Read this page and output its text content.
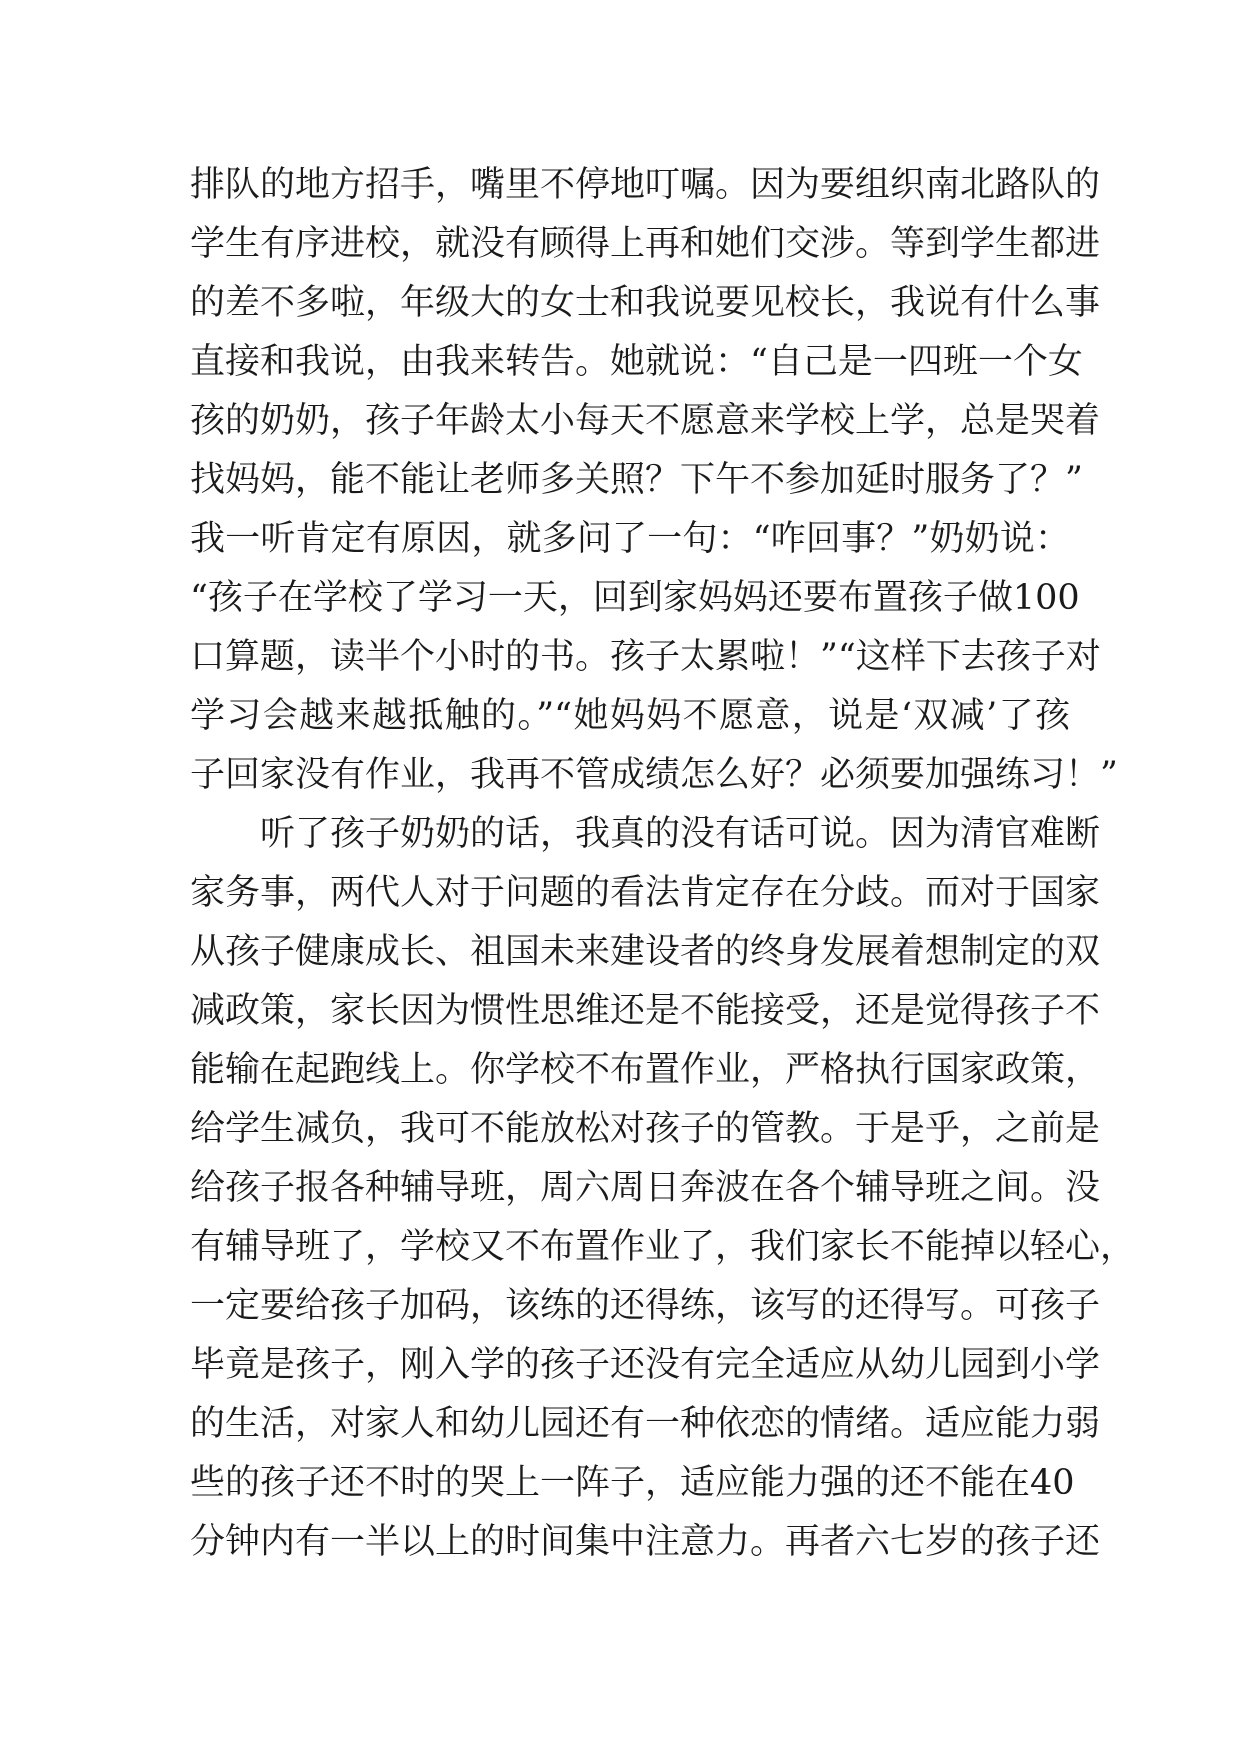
排队的地方招手，嘴里不停地叮嘱。因为要组织南北路队的
学生有序进校，就没有顾得上再和她们交涉。等到学生都进
的差不多啦，年级大的女士和我说要见校长，我说有什么事
直接和我说，由我来转告。她就说：“自己是一四班一个女
孩的奶奶，孩子年龄太小每天不愿意来学校上学，总是哭着
找妈妈，能不能让老师多关照？下午不参加延时服务了？”
我一听肯定有原因，就多问了一句：“咋回事？”奶奶说：
“孩子在学校了学习一天，回到家妈妈还要布置孩子做100
口算题，读半个小时的书。孩子太累啦！”“这样下去孩子对
学习会越来越抵触的。”“她妈妈不愿意，说是‘双减’了孩
子回家没有作业，我再不管成绩怎么好？必须要加强练习！”
听了孩子奶奶的话，我真的没有话可说。因为清官难断
家务事，两代人对于问题的看法肯定存在分歧。而对于国家
从孩子健康成长、祖国未来建设者的终身发展着想制定的双
减政策，家长因为惯性思维还是不能接受，还是觉得孩子不
能输在起跑线上。你学校不布置作业，严格执行国家政策，
给学生减负，我可不能放松对孩子的管教。于是乎，之前是
给孩子报各种辅导班，周六周日奔波在各个辅导班之间。没
有辅导班了，学校又不布置作业了，我们家长不能掉以轻心，
一定要给孩子加码，该练的还得练，该写的还得写。可孩子
毕竟是孩子，刚入学的孩子还没有完全适应从幼儿园到小学
的生活，对家人和幼儿园还有一种依恋的情绪。适应能力弱
些的孩子还不时的哭上一阵子，适应能力强的还不能在40
分钟内有一半以上的时间集中注意力。再者六七岁的孩子还
